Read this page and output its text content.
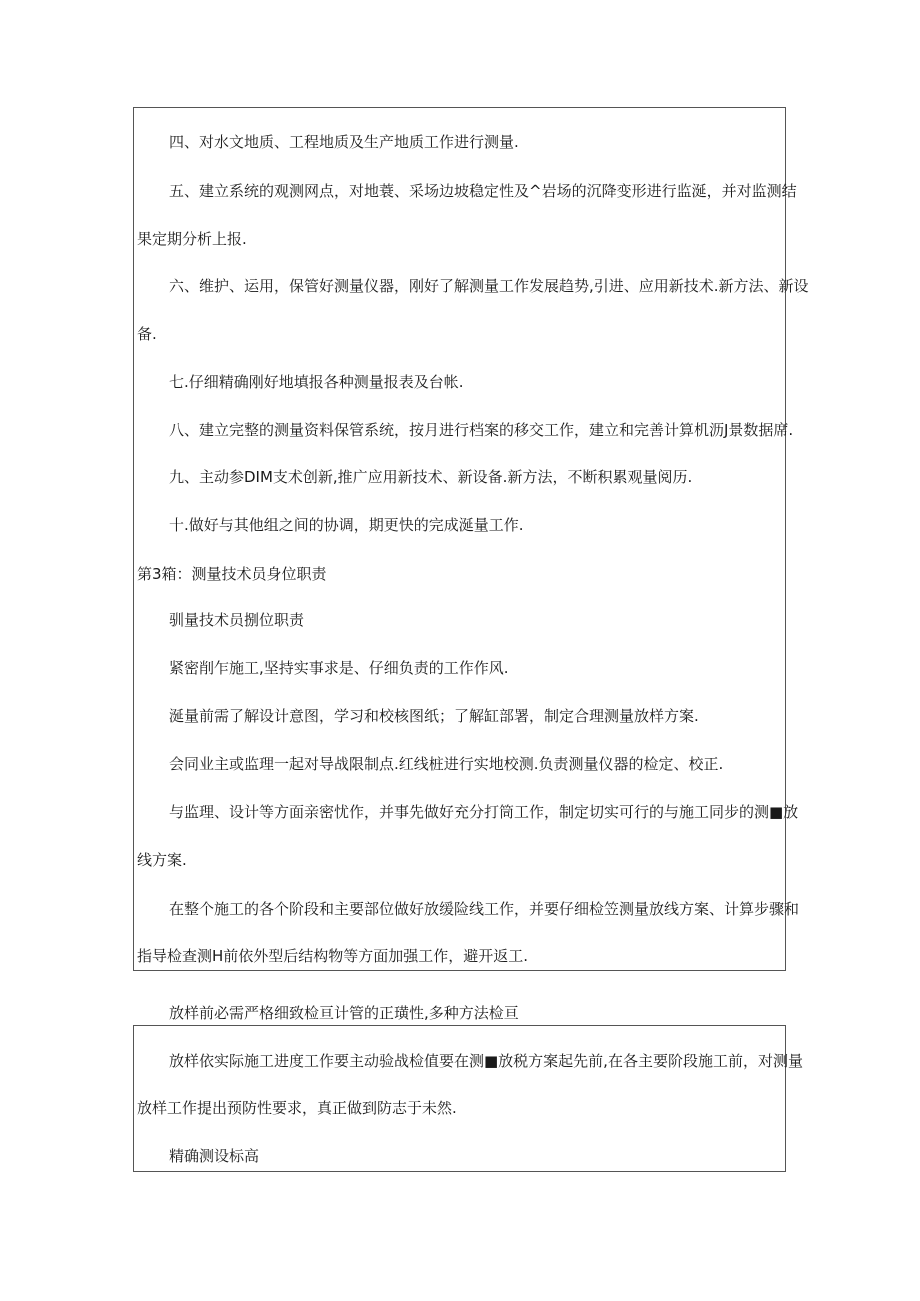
四、对水文地质、工程地质及生产地质工作进行测量.
五、建立系统的观测网点，对地蓑、采场边坡稳定性及^岩场的沉降变形进行监涎，并对监测结
果定期分析上报.
六、维护、运用，保管好测量仪器，刚好了解测量工作发展趋势,引进、应用新技术.新方法、新设
备.
七.仔细精确刚好地填报各种测量报表及台帐.
八、建立完整的测量资料保管系统，按月进行档案的移交工作，建立和完善计算机沥J景数据席.
九、主动参DIM支术创新,推广应用新技术、新设备.新方法，不断积累观量阅历.
十.做好与其他组之间的协调，期更快的完成涎量工作.
第3箱：测量技术员身位职责
驯量技术员捌位职责
紧密削乍施工,坚持实事求是、仔细负责的工作作风.
涎量前需了解设计意图，学习和校核图纸；了解缸部署，制定合理测量放样方案.
会同业主或监理一起对导战限制点.红线桩进行实地校测.负责测量仪器的检定、校正.
与监理、设计等方面亲密忧作，并事先做好充分打筒工作，制定切实可行的与施工同步的测■放
线方案.
在整个施工的各个阶段和主要部位做好放缓险线工作，并要仔细检笠测量放线方案、计算步骤和
指导检查测H前依外型后结构物等方面加强工作，避开返工.
放样前必需严格细致检亘计管的正璜性,多种方法检亘
放样依实际施工进度工作要主动验战检值要在测■放税方案起先前,在各主要阶段施工前，对测量
放样工作提出预防性要求，真正做到防志于未然.
精确测设标高
